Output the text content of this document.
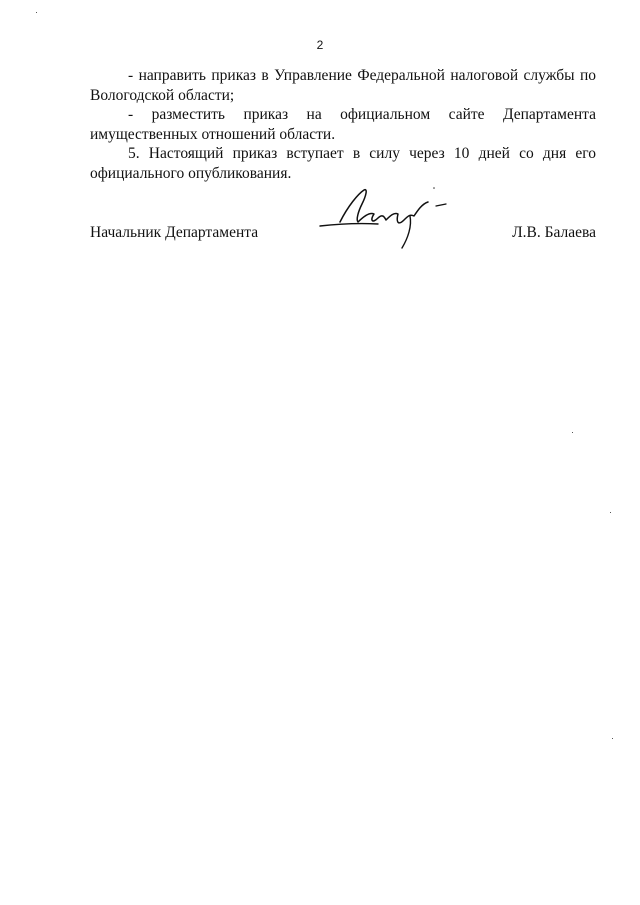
2

- направить приказ в Управление Федеральной налоговой службы по Вологодской области;

- разместить приказ на официальном сайте Департамента имущественных отношений области.

5. Настоящий приказ вступает в силу через 10 дней со дня его официального опубликования.

Начальник Департамента	Л.В. Балаева
